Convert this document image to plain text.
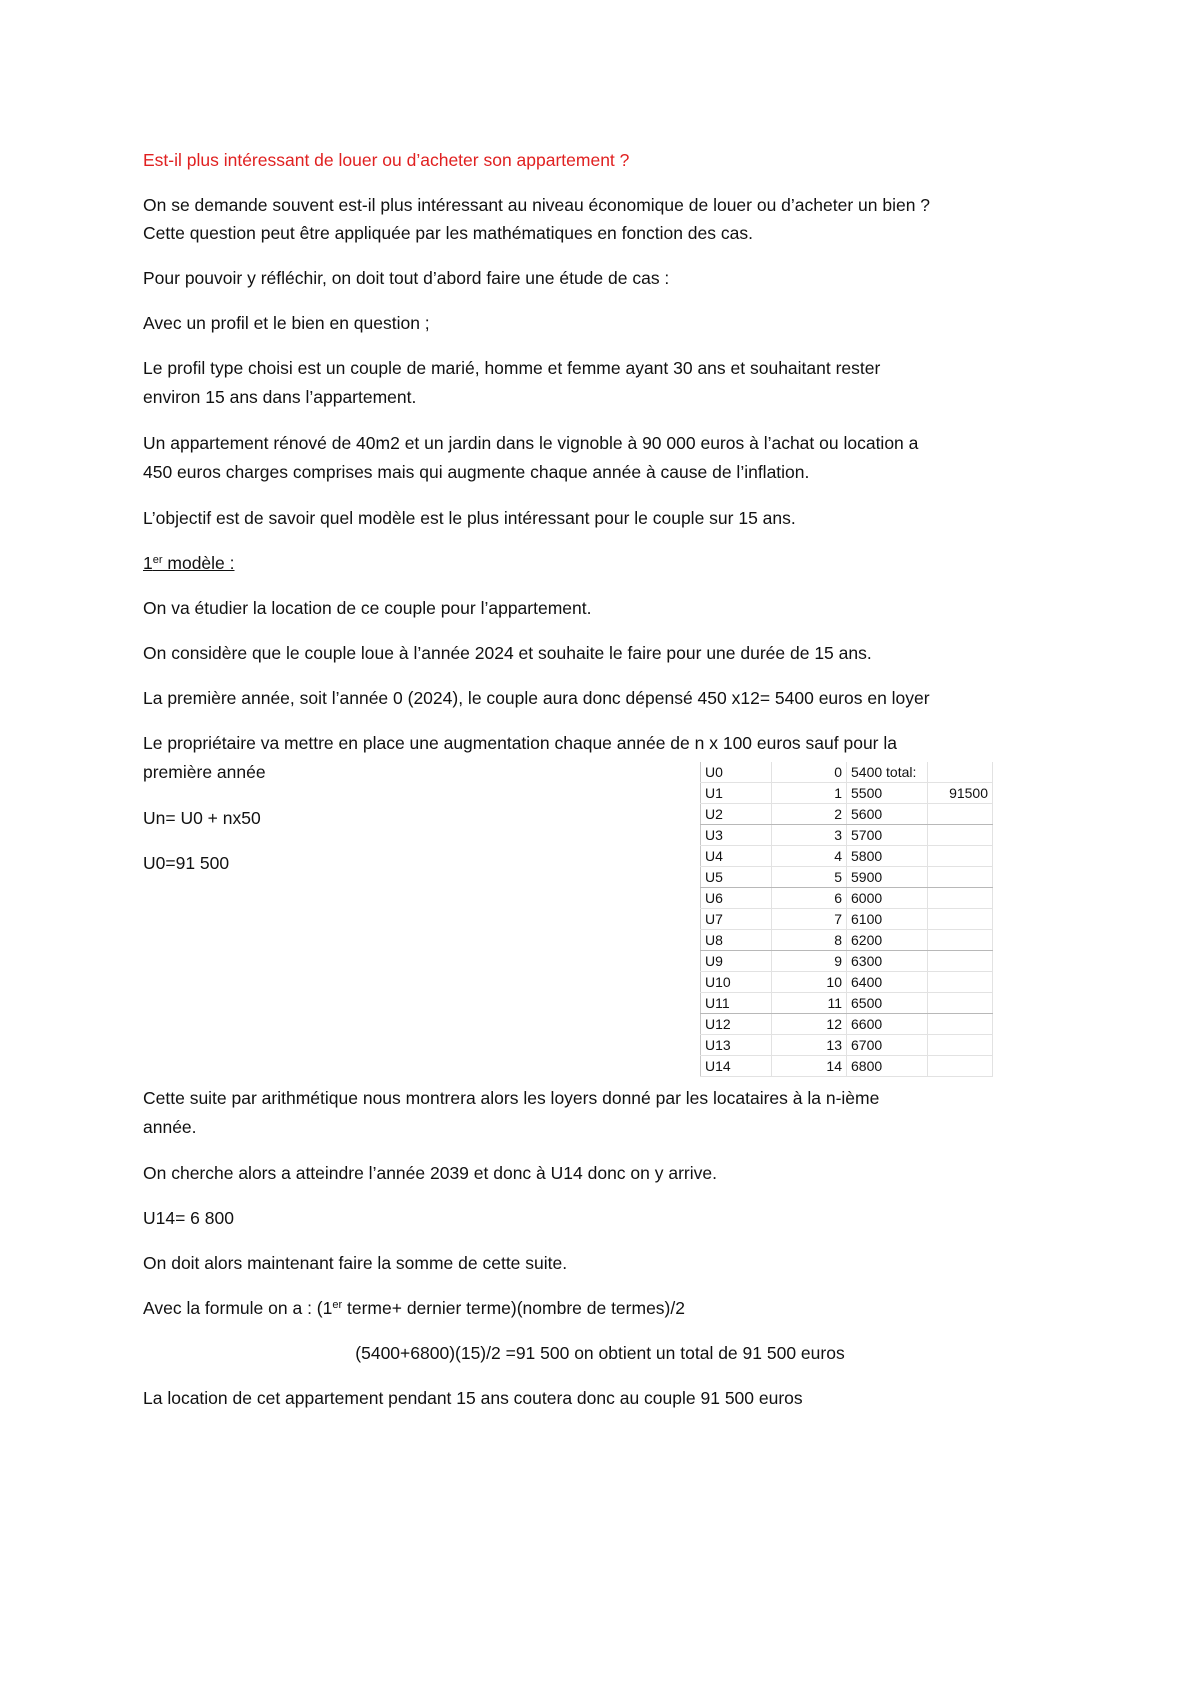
Est-il plus intéressant de louer ou d’acheter son appartement ?

On se demande souvent est-il plus intéressant au niveau économique de louer ou d’acheter un bien ?

Cette question peut être appliquée par les mathématiques en fonction des cas.

Pour pouvoir y réfléchir, on doit tout d’abord faire une étude de cas :

Avec un profil et le bien en question ;

Le profil type choisi est un couple de marié, homme et femme ayant 30 ans et souhaitant rester

environ 15 ans dans l’appartement.

Un appartement rénové de 40m2 et un jardin dans le vignoble à 90 000 euros à l’achat ou location a

450 euros charges comprises mais qui augmente chaque année à cause de l’inflation.

L’objectif est de savoir quel modèle est le plus intéressant pour le couple sur 15 ans.

1er modèle :

On va étudier la location de ce couple pour l’appartement.

On considère que le couple loue à l’année 2024 et souhaite le faire pour une durée de 15 ans.

La première année, soit l’année 0 (2024), le couple aura donc dépensé 450 x12= 5400 euros en loyer

Le propriétaire va mettre en place une augmentation chaque année de n x 100 euros sauf pour la

première année

Un= U0 + nx50

U0=91 500

U0	0	5400 total:	
U1	1	5500	91500
U2	2	5600	
U3	3	5700	
U4	4	5800	
U5	5	5900	
U6	6	6000	
U7	7	6100	
U8	8	6200	
U9	9	6300	
U10	10	6400	
U11	11	6500	
U12	12	6600	
U13	13	6700	
U14	14	6800	

Cette suite par arithmétique nous montrera alors les loyers donné par les locataires à la n-ième

année.

On cherche alors a atteindre l’année 2039 et donc à U14 donc on y arrive.

U14= 6 800

On doit alors maintenant faire la somme de cette suite.

Avec la formule on a : (1er terme+ dernier terme)(nombre de termes)/2

(5400+6800)(15)/2 =91 500 on obtient un total de 91 500 euros

La location de cet appartement pendant 15 ans coutera donc au couple 91 500 euros
